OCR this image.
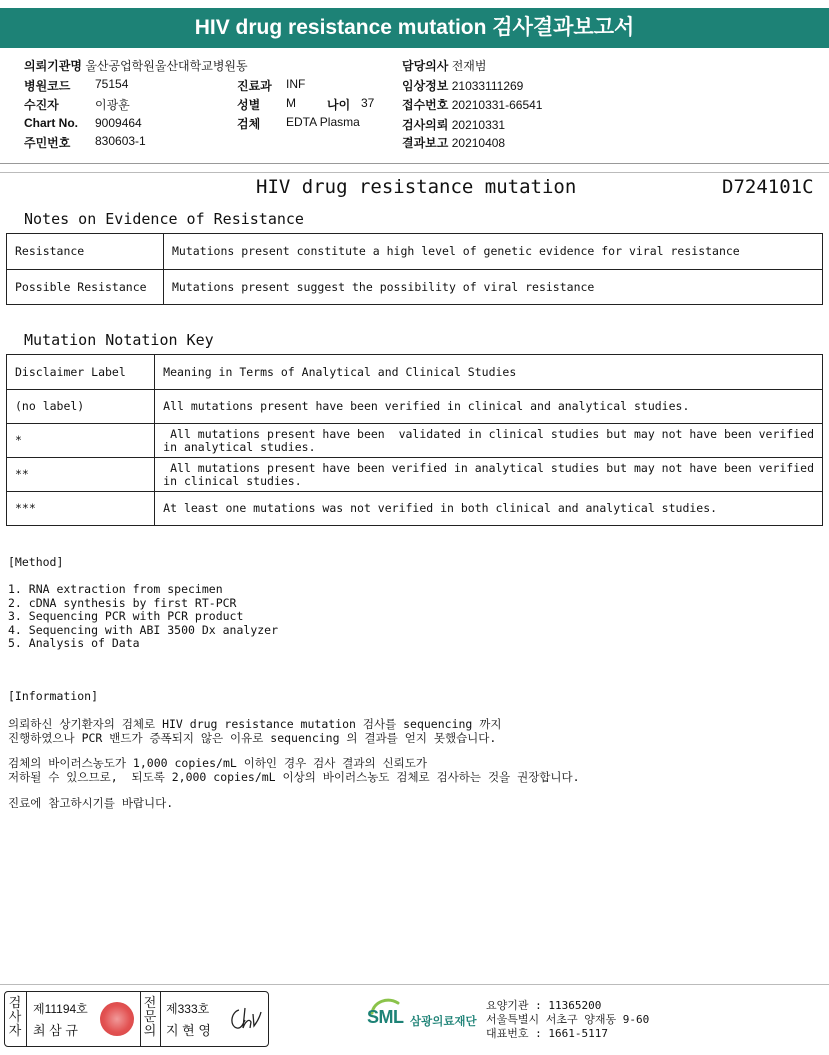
HIV drug resistance mutation 검사결과보고서
의뢰기관명 울산공업학원울산대학교병원동
병원코드 75154	진료과 INF
수진자	이광훈	성별 M	나이 37
Chart No. 9009464	검체 EDTA Plasma
주민번호 830603-1
담당의사 전재범
임상정보 21033111269
접수번호 20210331-66541
검사의뢰 20210331
결과보고 20210408
HIV drug resistance mutation	D724101C
Notes on Evidence of Resistance
Resistance	Mutations present constitute a high level of genetic evidence for viral resistance
Possible Resistance	Mutations present suggest the possibility of viral resistance
Mutation Notation Key
Disclaimer Label	Meaning in Terms of Analytical and Clinical Studies
(no label)	All mutations present have been verified in clinical and analytical studies.
*	All mutations present have been  validated in clinical studies but may not have been verified
in analytical studies.
**	All mutations present have been verified in analytical studies but may not have been verified
in clinical studies.
***	At least one mutations was not verified in both clinical and analytical studies.
[Method]
1. RNA extraction from specimen
2. cDNA synthesis by first RT-PCR
3. Sequencing PCR with PCR product
4. Sequencing with ABI 3500 Dx analyzer
5. Analysis of Data
[Information]
의뢰하신 상기환자의 검체로 HIV drug resistance mutation 검사를 sequencing 까지
진행하였으나 PCR 밴드가 증폭되지 않은 이유로 sequencing 의 결과를 얻지 못했습니다.
검체의 바이러스농도가 1,000 copies/mL 이하인 경우 검사 결과의 신뢰도가
저하될 수 있으므로,  되도록 2,000 copies/mL 이상의 바이러스농도 검체로 검사하는 것을 권장합니다.
진료에 참고하시기를 바랍니다.
검
사
자
제11194호
최 삼 규
전
문
의
제333호
지 현 영
SML 삼광의료재단
요양기관 : 11365200
서울특별시 서초구 양재동 9-60
대표번호 : 1661-5117
